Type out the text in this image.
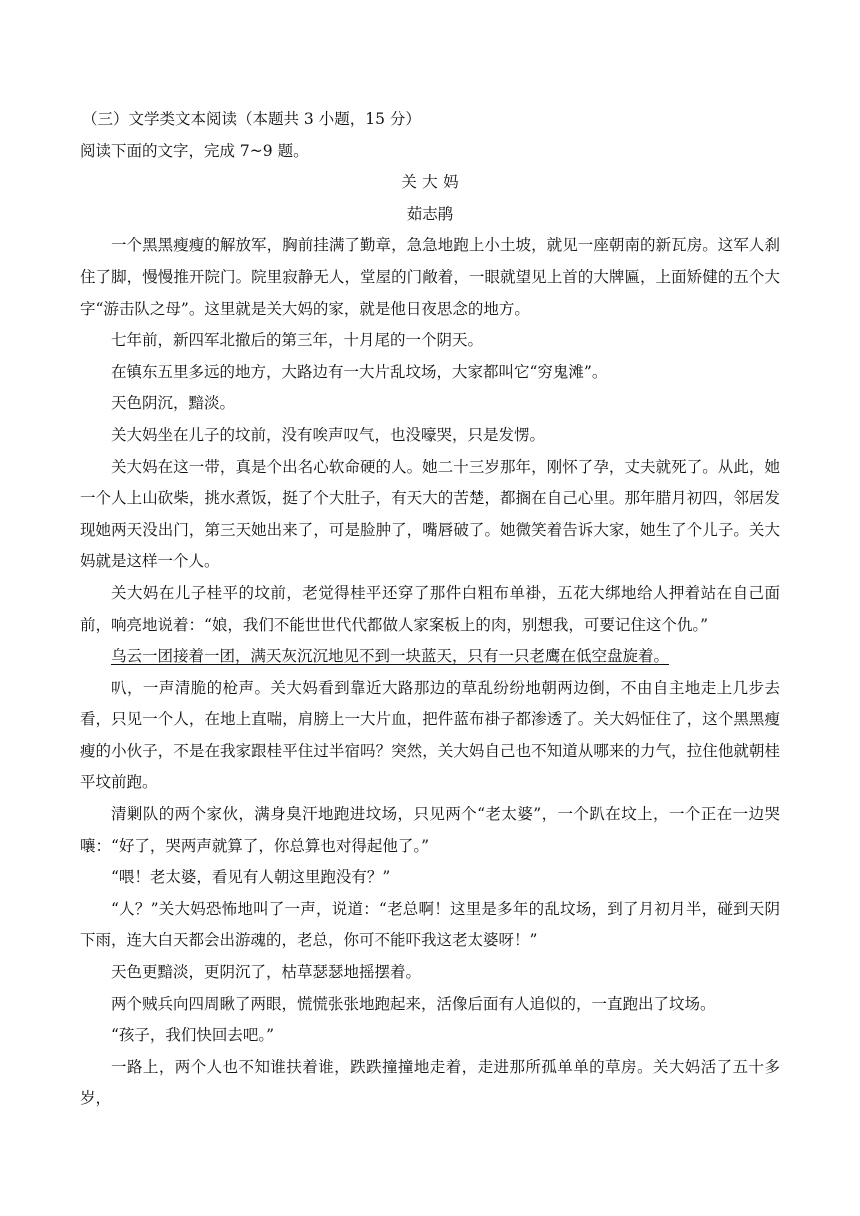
（三）文学类文本阅读（本题共 3 小题，15 分）
阅读下面的文字，完成 7~9 题。
关大妈
茹志鹃

一个黑黑瘦瘦的解放军，胸前挂满了勤章，急急地跑上小土坡，就见一座朝南的新瓦房。这军人刹住了脚，慢慢推开院门。院里寂静无人，堂屋的门敞着，一眼就望见上首的大牌匾，上面矫健的五个大字“游击队之母”。这里就是关大妈的家，就是他日夜思念的地方。

七年前，新四军北撤后的第三年，十月尾的一个阴天。

在镇东五里多远的地方，大路边有一大片乱坟场，大家都叫它“穷鬼滩”。

天色阴沉，黯淡。

关大妈坐在儿子的坟前，没有唉声叹气，也没嚎哭，只是发愣。

关大妈在这一带，真是个出名心软命硬的人。她二十三岁那年，刚怀了孕，丈夫就死了。从此，她一个人上山砍柴，挑水煮饭，挺了个大肚子，有天大的苦楚，都搁在自己心里。那年腊月初四，邻居发现她两天没出门，第三天她出来了，可是脸肿了，嘴唇破了。她微笑着告诉大家，她生了个儿子。关大妈就是这样一个人。

关大妈在儿子桂平的坟前，老觉得桂平还穿了那件白粗布单褂，五花大绑地给人押着站在自己面前，响亮地说着：“娘，我们不能世世代代都做人家案板上的肉，别想我，可要记住这个仇。”

乌云一团接着一团，满天灰沉沉地见不到一块蓝天，只有一只老鹰在低空盘旋着。

叭，一声清脆的枪声。关大妈看到靠近大路那边的草乱纷纷地朝两边倒，不由自主地走上几步去看，只见一个人，在地上直喘，肩膀上一大片血，把件蓝布褂子都渗透了。关大妈怔住了，这个黑黑瘦瘦的小伙子，不是在我家跟桂平住过半宿吗？突然，关大妈自己也不知道从哪来的力气，拉住他就朝桂平坟前跑。

清剿队的两个家伙，满身臭汗地跑进坟场，只见两个“老太婆”，一个趴在坟上，一个正在一边哭嚷：“好了，哭两声就算了，你总算也对得起他了。”

“喂！老太婆，看见有人朝这里跑没有？”

“人？”关大妈恐怖地叫了一声，说道：“老总啊！这里是多年的乱坟场，到了月初月半，碰到天阴下雨，连大白天都会出游魂的，老总，你可不能吓我这老太婆呀！”

天色更黯淡，更阴沉了，枯草瑟瑟地摇摆着。

两个贼兵向四周瞅了两眼，慌慌张张地跑起来，活像后面有人追似的，一直跑出了坟场。

“孩子，我们快回去吧。”

一路上，两个人也不知谁扶着谁，跌跌撞撞地走着，走进那所孤单单的草房。关大妈活了五十多岁，
